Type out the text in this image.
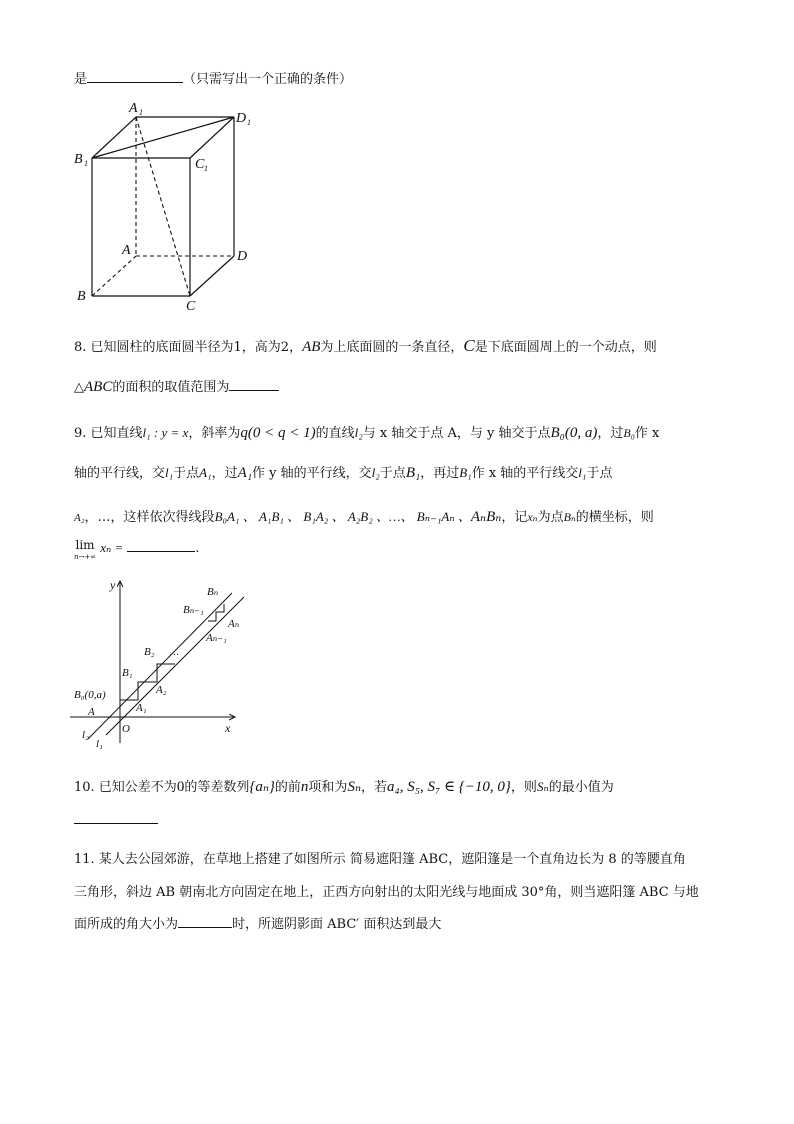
是	（只需写出一个正确的条件）
A 1	D 1
B 1	C 1
A	D
B
C
8. 已知圆柱的底面圆半径为1，高为2，AB为上底面圆的一条直径，C是下底面圆周上的一个动点，则
△ABC的面积的取值范围为
9. 已知直线l₁ : y = x，斜率为q(0 < q < 1)的直线l₂与 x 轴交于点 A，与 y 轴交于点B₀(0, a)，过B₀作 x
轴的平行线，交l₁于点A₁，过A₁作 y 轴的平行线，交l₂于点B₁，再过B₁作 x 轴的平行线交l₁于点
A₂，…，这样依次得线段B₀A₁ 、 A₁B₁ 、 B₁A₂ 、 A₂B₂ 、…、 Bₙ₋₁Aₙ 、AₙBₙ，记xₙ为点Bₙ的横坐标，则
lim
n→+∞ xₙ =	.
y	Bₙ
Bₙ₋₁
Aₙ
Aₙ₋₁
B₂ …
B₁
A₂
B₀(0,a)
A₁
A
O	x
l₂
l₁
10. 已知公差不为0的等差数列{aₙ}的前n项和为Sₙ，若a₄, S₅, S₇ ∈ {−10, 0}，则Sₙ的最小值为
11. 某人去公园郊游，在草地上搭建了如图所示 简易遮阳篷 ABC，遮阳篷是一个直角边长为 8 的等腰直角
三角形，斜边 AB 朝南北方向固定在地上，正西方向射出的太阳光线与地面成 30°角，则当遮阳篷 ABC 与地
面所成的角大小为	时，所遮阴影面 ABC′ 面积达到最大
